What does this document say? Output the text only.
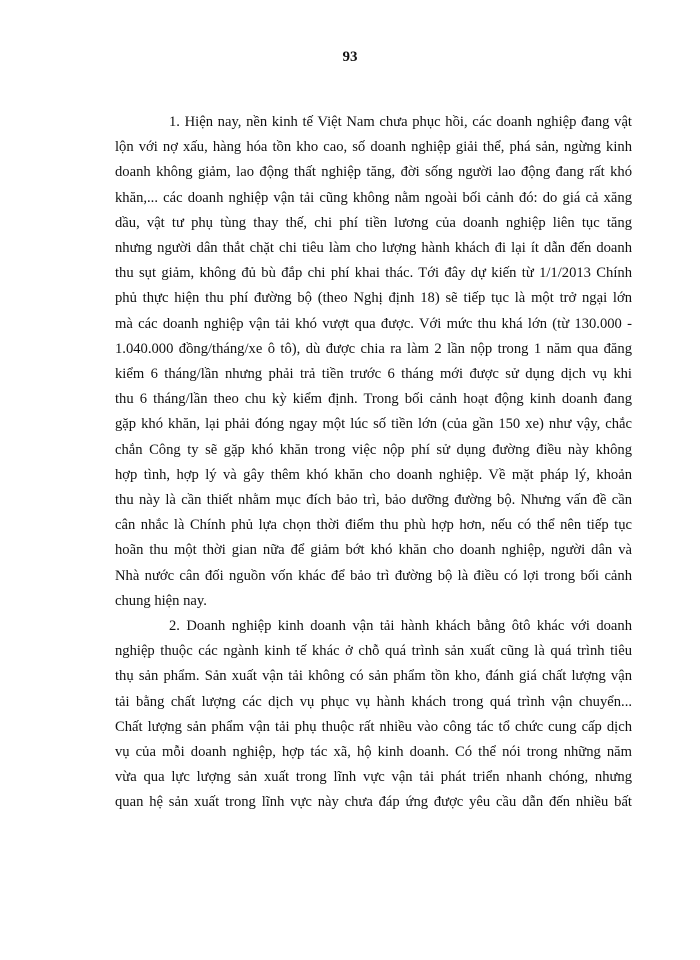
93

1. Hiện nay, nền kinh tế Việt Nam chưa phục hồi, các doanh nghiệp đang vật
lộn với nợ xấu, hàng hóa tồn kho cao, số doanh nghiệp giải thể, phá sản, ngừng kinh
doanh không giảm, lao động thất nghiệp tăng, đời sống người lao động đang rất khó
khăn,... các doanh nghiệp vận tải cũng không nằm ngoài bối cảnh đó: do giá cả xăng
dầu, vật tư phụ tùng thay thế, chi phí tiền lương của doanh nghiệp liên tục tăng
nhưng người dân thắt chặt chi tiêu làm cho lượng hành khách đi lại ít dẫn đến doanh
thu sụt giảm, không đủ bù đắp chi phí khai thác. Tới đây dự kiến từ 1/1/2013 Chính
phủ thực hiện thu phí đường bộ (theo Nghị định 18) sẽ tiếp tục là một trở ngại lớn
mà các doanh nghiệp vận tải khó vượt qua được. Với mức thu khá lớn (từ 130.000 -
1.040.000 đồng/tháng/xe ô tô), dù được chia ra làm 2 lần nộp trong 1 năm qua đăng
kiểm 6 tháng/lần nhưng phải trả tiền trước 6 tháng mới được sử dụng dịch vụ khi
thu 6 tháng/lần theo chu kỳ kiểm định. Trong bối cảnh hoạt động kinh doanh đang
gặp khó khăn, lại phải đóng ngay một lúc số tiền lớn (của gần 150 xe) như vậy, chắc
chắn Công ty sẽ gặp khó khăn trong việc nộp phí sử dụng đường điều này không
hợp tình, hợp lý và gây thêm khó khăn cho doanh nghiệp. Về mặt pháp lý, khoản
thu này là cần thiết nhằm mục đích bảo trì, bảo dưỡng đường bộ. Nhưng vấn đề cần
cân nhắc là Chính phủ lựa chọn thời điểm thu phù hợp hơn, nếu có thể nên tiếp tục
hoãn thu một thời gian nữa để giảm bớt khó khăn cho doanh nghiệp, người dân và
Nhà nước cân đối nguồn vốn khác để bảo trì đường bộ là điều có lợi trong bối cảnh
chung hiện nay.

2. Doanh nghiệp kinh doanh vận tải hành khách bằng ôtô khác với doanh
nghiệp thuộc các ngành kinh tế khác ở chỗ quá trình sản xuất cũng là quá trình tiêu
thụ sản phẩm. Sản xuất vận tải không có sản phẩm tồn kho, đánh giá chất lượng vận
tải bằng chất lượng các dịch vụ phục vụ hành khách trong quá trình vận chuyển...
Chất lượng sản phẩm vận tải phụ thuộc rất nhiều vào công tác tổ chức cung cấp dịch
vụ của mỗi doanh nghiệp, hợp tác xã, hộ kinh doanh. Có thể nói trong những năm
vừa qua lực lượng sản xuất trong lĩnh vực vận tải phát triển nhanh chóng, nhưng
quan hệ sản xuất trong lĩnh vực này chưa đáp ứng được yêu cầu dẫn đến nhiều bất
